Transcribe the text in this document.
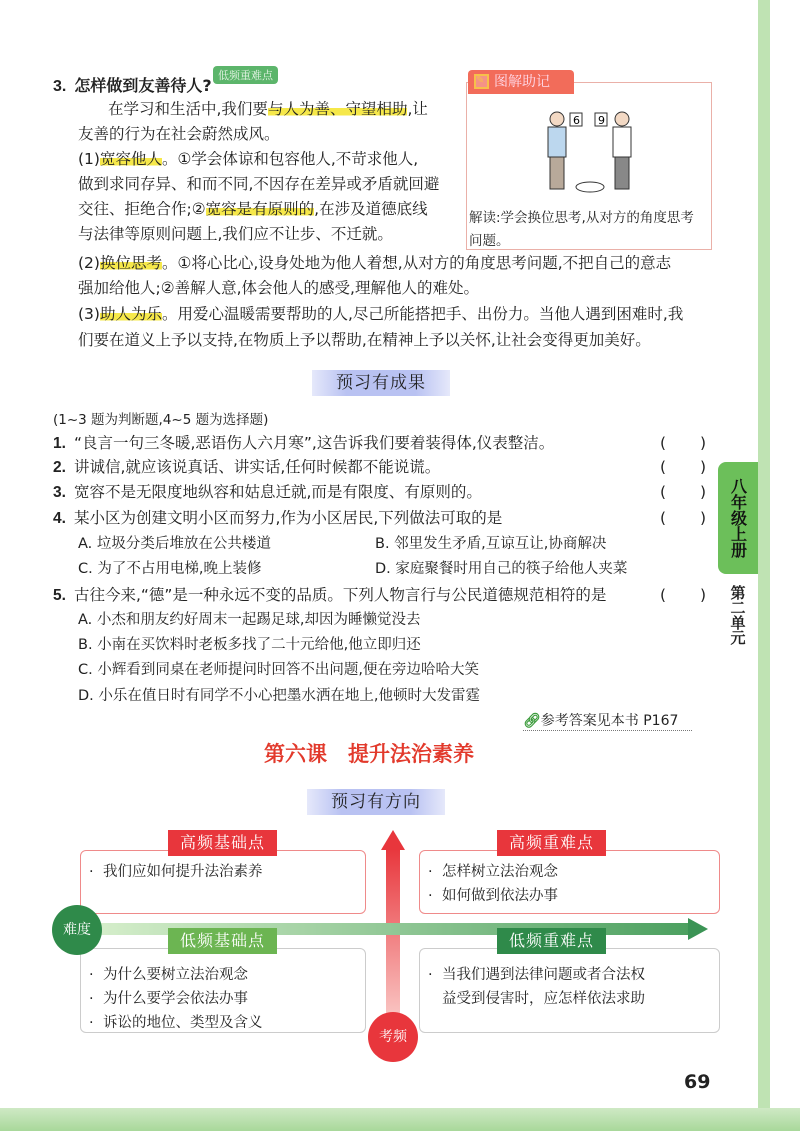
八年级上册
第二单元
3. 怎样做到友善待人?
低频重难点
在学习和生活中,我们要与人为善、守望相助,让
友善的行为在社会蔚然成风。
(1)宽容他人。①学会体谅和包容他人,不苛求他人,
做到求同存异、和而不同,不因存在差异或矛盾就回避
交往、拒绝合作;②宽容是有原则的,在涉及道德底线
与法律等原则问题上,我们应不让步、不迁就。
(2)换位思考。①将心比心,设身处地为他人着想,从对方的角度思考问题,不把自己的意志
强加给他人;②善解人意,体会他人的感受,理解他人的难处。
(3)助人为乐。用爱心温暖需要帮助的人,尽己所能搭把手、出份力。当他人遇到困难时,我
们要在道义上予以支持,在物质上予以帮助,在精神上予以关怀,让社会变得更加美好。
✎ 图解助记
6 9
解读:学会换位思考,从对方的角度思考
问题。
预习有成果
(1~3 题为判断题,4~5 题为选择题)
1. “良言一句三冬暖,恶语伤人六月寒”,这告诉我们要着装得体,仪表整洁。	( )
2. 讲诚信,就应该说真话、讲实话,任何时候都不能说谎。	( )
3. 宽容不是无限度地纵容和姑息迁就,而是有限度、有原则的。	( )
4. 某小区为创建文明小区而努力,作为小区居民,下列做法可取的是	( )
5. 古往今来,“德”是一种永远不变的品质。下列人物言行与公民道德规范相符的是	( )
A. 垃圾分类后堆放在公共楼道	B. 邻里发生矛盾,互谅互让,协商解决
C. 为了不占用电梯,晚上装修	D. 家庭聚餐时用自己的筷子给他人夹菜
A. 小杰和朋友约好周末一起踢足球,却因为睡懒觉没去
B. 小南在买饮料时老板多找了二十元给他,他立即归还
C. 小辉看到同桌在老师提问时回答不出问题,便在旁边哈哈大笑
D. 小乐在值日时有同学不小心把墨水洒在地上,他顿时大发雷霆
🔗︎参考答案见本书 P167
第六课　提升法治素养
预习有方向
· 我们应如何提升法治素养
高频基础点
· 怎样树立法治观念
· 如何做到依法办事
高频重难点
· 为什么要树立法治观念
· 为什么要学会依法办事
· 诉讼的地位、类型及含义
低频基础点
· 当我们遇到法律问题或者合法权
益受到侵害时，应怎样依法求助
低频重难点
难度
考频
69
